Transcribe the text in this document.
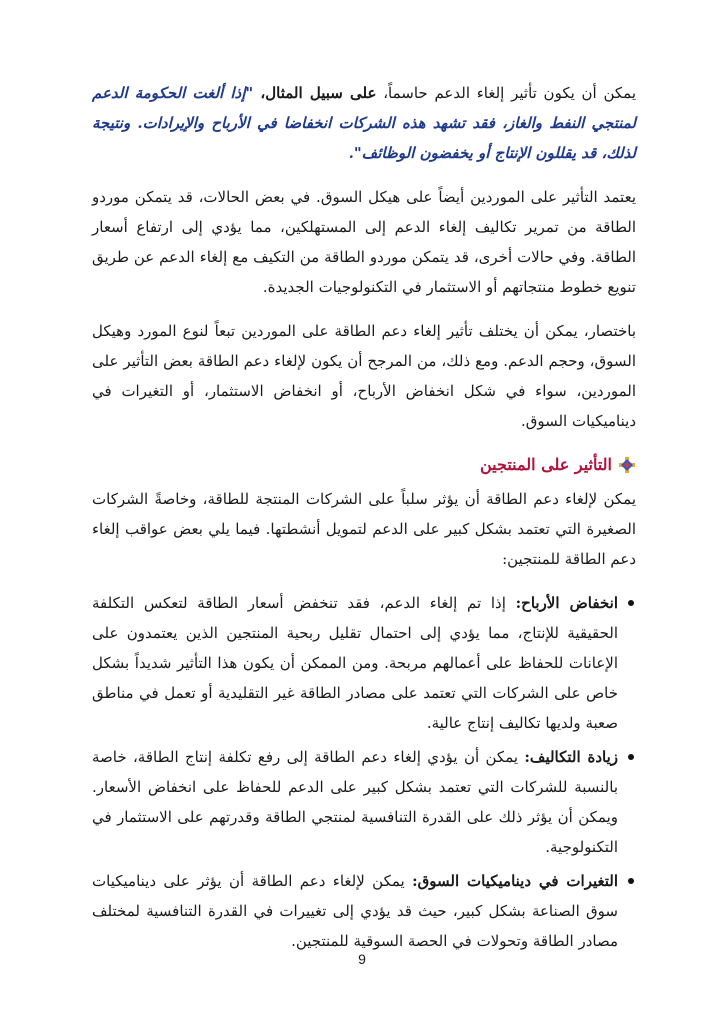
يمكن أن يكون تأثير إلغاء الدعم حاسماً، على سبيل المثال، "إذا ألغت الحكومة الدعم لمنتجي النفط والغاز، فقد تشهد هذه الشركات انخفاضا في الأرباح والإيرادات. ونتيجة لذلك، قد يقللون الإنتاج أو يخفضون الوظائف".

يعتمد التأثير على الموردين أيضاً على هيكل السوق. في بعض الحالات، قد يتمكن موردو الطاقة من تمرير تكاليف إلغاء الدعم إلى المستهلكين، مما يؤدي إلى ارتفاع أسعار الطاقة. وفي حالات أخرى، قد يتمكن موردو الطاقة من التكيف مع إلغاء الدعم عن طريق تنويع خطوط منتجاتهم أو الاستثمار في التكنولوجيات الجديدة.

باختصار، يمكن أن يختلف تأثير إلغاء دعم الطاقة على الموردين تبعاً لنوع المورد وهيكل السوق، وحجم الدعم. ومع ذلك، من المرجح أن يكون لإلغاء دعم الطاقة بعض التأثير على الموردين، سواء في شكل انخفاض الأرباح، أو انخفاض الاستثمار، أو التغيرات في ديناميكيات السوق.

التأثير على المنتجين

يمكن لإلغاء دعم الطاقة أن يؤثر سلباً على الشركات المنتجة للطاقة، وخاصةً الشركات الصغيرة التي تعتمد بشكل كبير على الدعم لتمويل أنشطتها. فيما يلي بعض عواقب إلغاء دعم الطاقة للمنتجين:

انخفاض الأرباح: إذا تم إلغاء الدعم، فقد تنخفض أسعار الطاقة لتعكس التكلفة الحقيقية للإنتاج، مما يؤدي إلى احتمال تقليل ربحية المنتجين الذين يعتمدون على الإعانات للحفاظ على أعمالهم مربحة. ومن الممكن أن يكون هذا التأثير شديداً بشكل خاص على الشركات التي تعتمد على مصادر الطاقة غير التقليدية أو تعمل في مناطق صعبة ولديها تكاليف إنتاج عالية.
زيادة التكاليف: يمكن أن يؤدي إلغاء دعم الطاقة إلى رفع تكلفة إنتاج الطاقة، خاصة بالنسبة للشركات التي تعتمد بشكل كبير على الدعم للحفاظ على انخفاض الأسعار. ويمكن أن يؤثر ذلك على القدرة التنافسية لمنتجي الطاقة وقدرتهم على الاستثمار في التكنولوجية.
التغيرات في ديناميكيات السوق: يمكن لإلغاء دعم الطاقة أن يؤثر على ديناميكيات سوق الصناعة بشكل كبير، حيث قد يؤدي إلى تغييرات في القدرة التنافسية لمختلف مصادر الطاقة وتحولات في الحصة السوقية للمنتجين.
9
